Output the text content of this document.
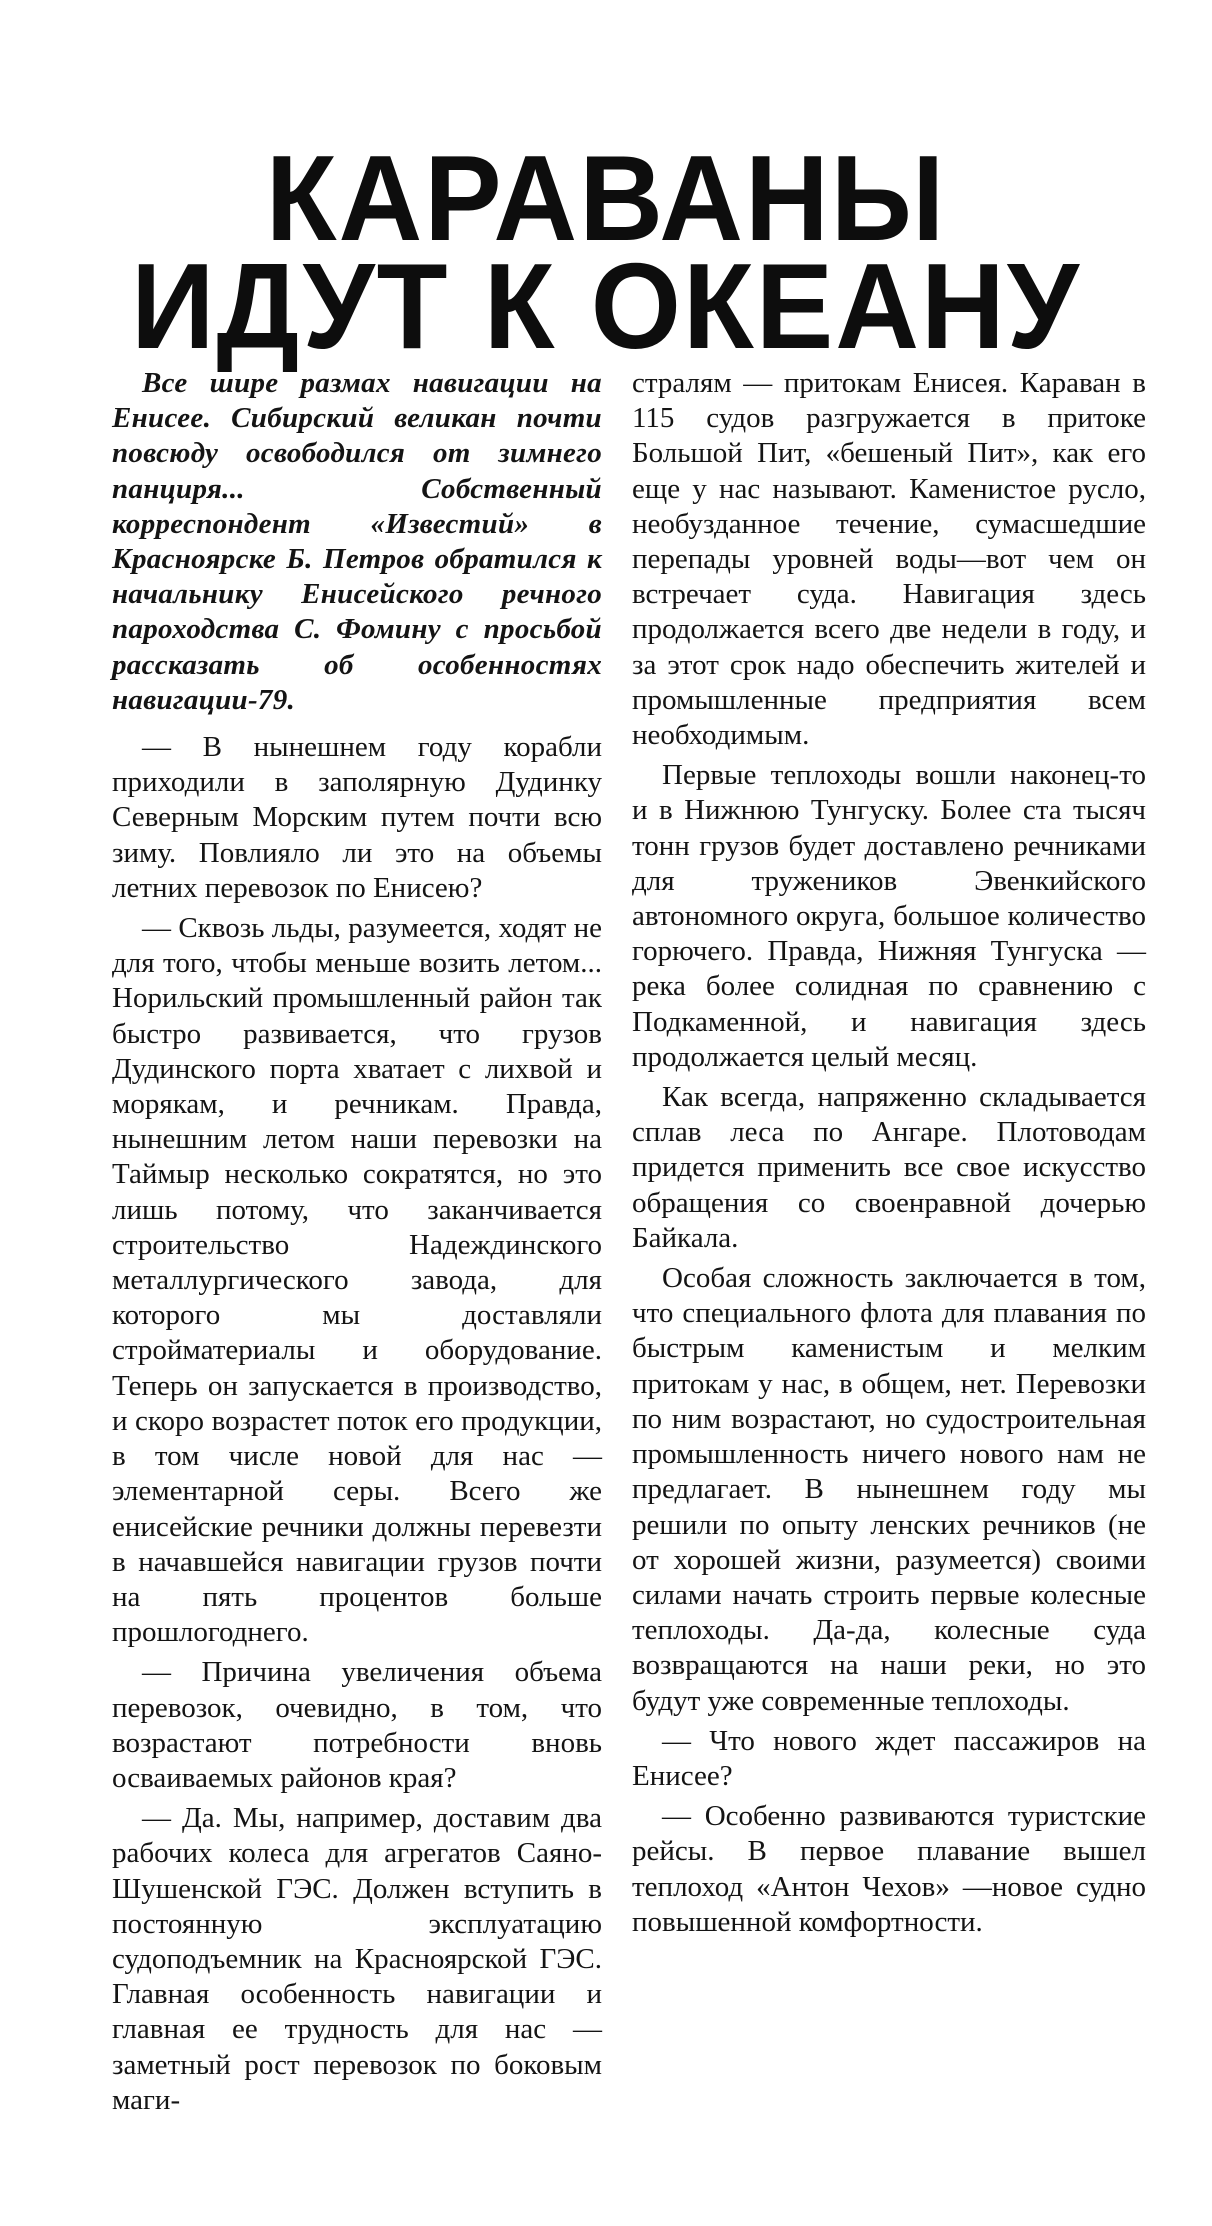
КАРАВАНЫ
ИДУТ К ОКЕАНУ

Все шире размах навигации на Енисее. Сибирский великан почти повсюду освободился от зимнего панциря... Собственный корреспондент «Известий» в Красноярске Б. Петров обратился к начальнику Енисейского речного пароходства С. Фомину с просьбой рассказать об особенностях навигации-79.

— В нынешнем году корабли приходили в заполярную Дудинку Северным Морским путем почти всю зиму. Повлияло ли это на объемы летних перевозок по Енисею?

— Сквозь льды, разумеется, ходят не для того, чтобы меньше возить летом... Норильский промышленный район так быстро развивается, что грузов Дудинского порта хватает с лихвой и морякам, и речникам. Правда, нынешним летом наши перевозки на Таймыр несколько сократятся, но это лишь потому, что заканчивается строительство Надеждинского металлургического завода, для которого мы доставляли стройматериалы и оборудование. Теперь он запускается в производство, и скоро возрастет поток его продукции, в том числе новой для нас — элементарной серы. Всего же енисейские речники должны перевезти в начавшейся навигации грузов почти на пять процентов больше прошлогоднего.

— Причина увеличения объема перевозок, очевидно, в том, что возрастают потребности вновь осваиваемых районов края?

— Да. Мы, например, доставим два рабочих колеса для агрегатов Саяно-Шушенской ГЭС. Должен вступить в постоянную эксплуатацию судоподъемник на Красноярской ГЭС. Главная особенность навигации и главная ее трудность для нас — заметный рост перевозок по боковым маги-

стралям — притокам Енисея. Караван в 115 судов разгружается в притоке Большой Пит, «бешеный Пит», как его еще у нас называют. Каменистое русло, необузданное течение, сумасшедшие перепады уровней воды—вот чем он встречает суда. Навигация здесь продолжается всего две недели в году, и за этот срок надо обеспечить жителей и промышленные предприятия всем необходимым.

Первые теплоходы вошли наконец-то и в Нижнюю Тунгуску. Более ста тысяч тонн грузов будет доставлено речниками для тружеников Эвенкийского автономного округа, большое количество горючего. Правда, Нижняя Тунгуска — река более солидная по сравнению с Подкаменной, и навигация здесь продолжается целый месяц.

Как всегда, напряженно складывается сплав леса по Ангаре. Плотоводам придется применить все свое искусство обращения со своенравной дочерью Байкала.

Особая сложность заключается в том, что специального флота для плавания по быстрым каменистым и мелким притокам у нас, в общем, нет. Перевозки по ним возрастают, но судостроительная промышленность ничего нового нам не предлагает. В нынешнем году мы решили по опыту ленских речников (не от хорошей жизни, разумеется) своими силами начать строить первые колесные теплоходы. Да-да, колесные суда возвращаются на наши реки, но это будут уже современные теплоходы.

— Что нового ждет пассажиров на Енисее?

— Особенно развиваются туристские рейсы. В первое плавание вышел теплоход «Антон Чехов» —новое судно повышенной комфортности.
